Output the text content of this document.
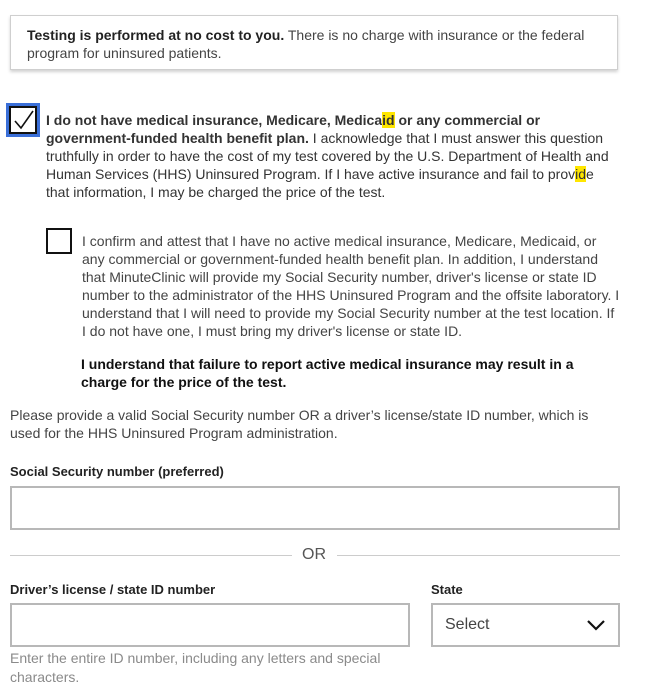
Testing is performed at no cost to you. There is no charge with insurance or the federal program for uninsured patients.
I do not have medical insurance, Medicare, Medicaid or any commercial or government-funded health benefit plan. I acknowledge that I must answer this question truthfully in order to have the cost of my test covered by the U.S. Department of Health and Human Services (HHS) Uninsured Program. If I have active insurance and fail to provide that information, I may be charged the price of the test.
I confirm and attest that I have no active medical insurance, Medicare, Medicaid, or any commercial or government-funded health benefit plan. In addition, I understand that MinuteClinic will provide my Social Security number, driver's license or state ID number to the administrator of the HHS Uninsured Program and the offsite laboratory. I understand that I will need to provide my Social Security number at the test location. If I do not have one, I must bring my driver's license or state ID.
I understand that failure to report active medical insurance may result in a charge for the price of the test.
Please provide a valid Social Security number OR a driver’s license/state ID number, which is used for the HHS Uninsured Program administration.
Social Security number (preferred)
OR
Driver’s license / state ID number	State
Select
Enter the entire ID number, including any letters and special characters.
